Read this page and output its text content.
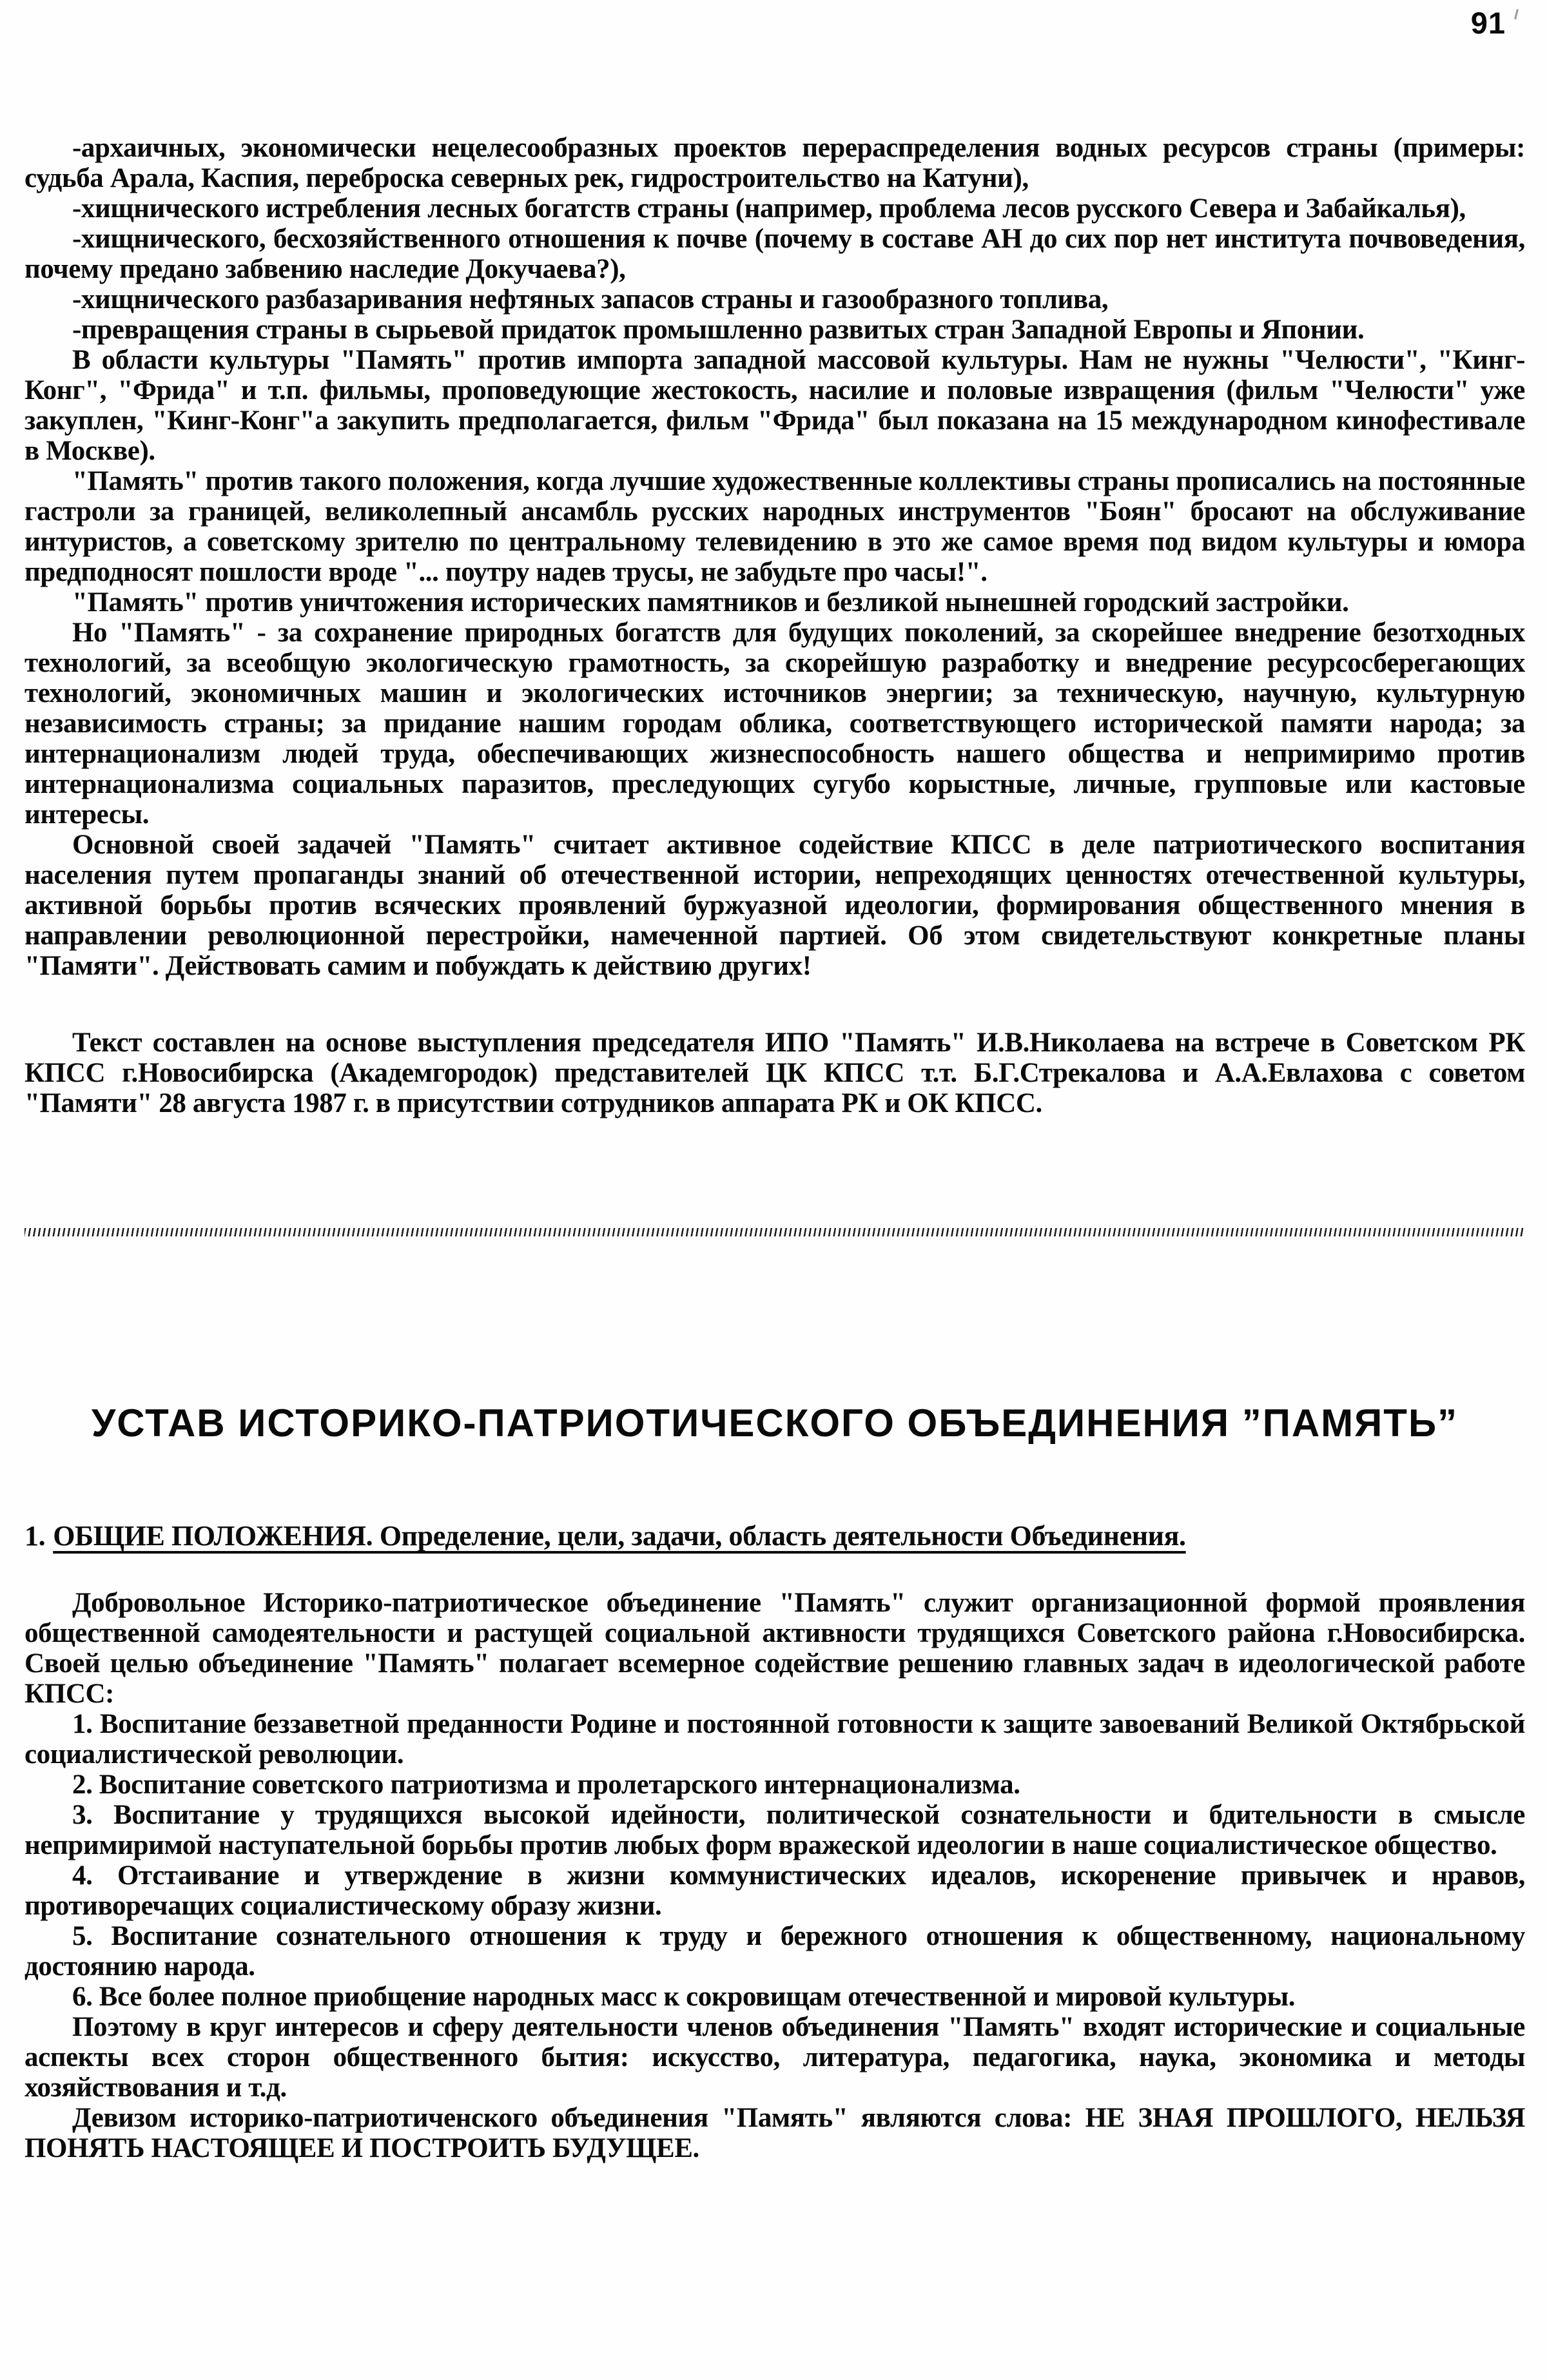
91

-архаичных, экономически нецелесообразных проектов перераспределения водных ресурсов страны (примеры: судьба Арала, Каспия, переброска северных рек, гидростроительство на Катуни),

-хищнического истребления лесных богатств страны (например, проблема лесов русского Севера и Забайкалья),

-хищнического, бесхозяйственного отношения к почве (почему в составе АН до сих пор нет института почвоведения, почему предано забвению наследие Докучаева?),

-хищнического разбазаривания нефтяных запасов страны и газообразного топлива,

-превращения страны в сырьевой придаток промышленно развитых стран Западной Европы и Японии.

В области культуры "Память" против импорта западной массовой культуры. Нам не нужны "Челюсти", "Кинг-Конг", "Фрида" и т.п. фильмы, проповедующие жестокость, насилие и половые извращения (фильм "Челюсти" уже закуплен, "Кинг-Конг"а закупить предполагается, фильм "Фрида" был показана на 15 международном кинофестивале в Москве).

"Память" против такого положения, когда лучшие художественные коллективы страны прописались на постоянные гастроли за границей, великолепный ансамбль русских народных инструментов "Боян" бросают на обслуживание интуристов, а советскому зрителю по центральному телевидению в это же самое время под видом культуры и юмора предподносят пошлости вроде "... поутру надев трусы, не забудьте про часы!".

"Память" против уничтожения исторических памятников и безликой нынешней городский застройки.

Но "Память" - за сохранение природных богатств для будущих поколений, за скорейшее внедрение безотходных технологий, за всеобщую экологическую грамотность, за скорейшую разработку и внедрение ресурсосберегающих технологий, экономичных машин и экологических источников энергии; за техническую, научную, культурную независимость страны; за придание нашим городам облика, соответствующего исторической памяти народа; за интернационализм людей труда, обеспечивающих жизнеспособность нашего общества и непримиримо против интернационализма социальных паразитов, преследующих сугубо корыстные, личные, групповые или кастовые интересы.

Основной своей задачей "Память" считает активное содействие КПСС в деле патриотического воспитания населения путем пропаганды знаний об отечественной истории, непреходящих ценностях отечественной культуры, активной борьбы против всяческих проявлений буржуазной идеологии, формирования общественного мнения в направлении революционной перестройки, намеченной партией. Об этом свидетельствуют конкретные планы "Памяти". Действовать самим и побуждать к действию других!

Текст составлен на основе выступления председателя ИПО "Память" И.В.Николаева на встрече в Советском РК КПСС г.Новосибирска (Академгородок) представителей ЦК КПСС т.т. Б.Г.Стрекалова и А.А.Евлахова с советом "Памяти" 28 августа 1987 г. в присутствии сотрудников аппарата РК и ОК КПСС.

УСТАВ ИСТОРИКО-ПАТРИОТИЧЕСКОГО ОБЪЕДИНЕНИЯ ”ПАМЯТЬ”
1. ОБЩИЕ ПОЛОЖЕНИЯ. Определение, цели, задачи, область деятельности Объединения.

Добровольное Историко-патриотическое объединение "Память" служит организационной формой проявления общественной самодеятельности и растущей социальной активности трудящихся Советского района г.Новосибирска. Своей целью объединение "Память" полагает всемерное содействие решению главных задач в идеологической работе КПСС:

1. Воспитание беззаветной преданности Родине и постоянной готовности к защите завоеваний Великой Октябрьской социалистической революции.

2. Воспитание советского патриотизма и пролетарского интернационализма.

3. Воспитание у трудящихся высокой идейности, политической сознательности и бдительности в смысле непримиримой наступательной борьбы против любых форм вражеской идеологии в наше социалистическое общество.

4. Отстаивание и утверждение в жизни коммунистических идеалов, искоренение привычек и нравов, противоречащих социалистическому образу жизни.

5. Воспитание сознательного отношения к труду и бережного отношения к общественному, национальному достоянию народа.

6. Все более полное приобщение народных масс к сокровищам отечественной и мировой культуры.

Поэтому в круг интересов и сферу деятельности членов объединения "Память" входят исторические и социальные аспекты всех сторон общественного бытия: искусство, литература, педагогика, наука, экономика и методы хозяйствования и т.д.

Девизом историко-патриотиченского объединения "Память" являются слова: НЕ ЗНАЯ ПРОШЛОГО, НЕЛЬЗЯ ПОНЯТЬ НАСТОЯЩЕЕ И ПОСТРОИТЬ БУДУЩЕЕ.
